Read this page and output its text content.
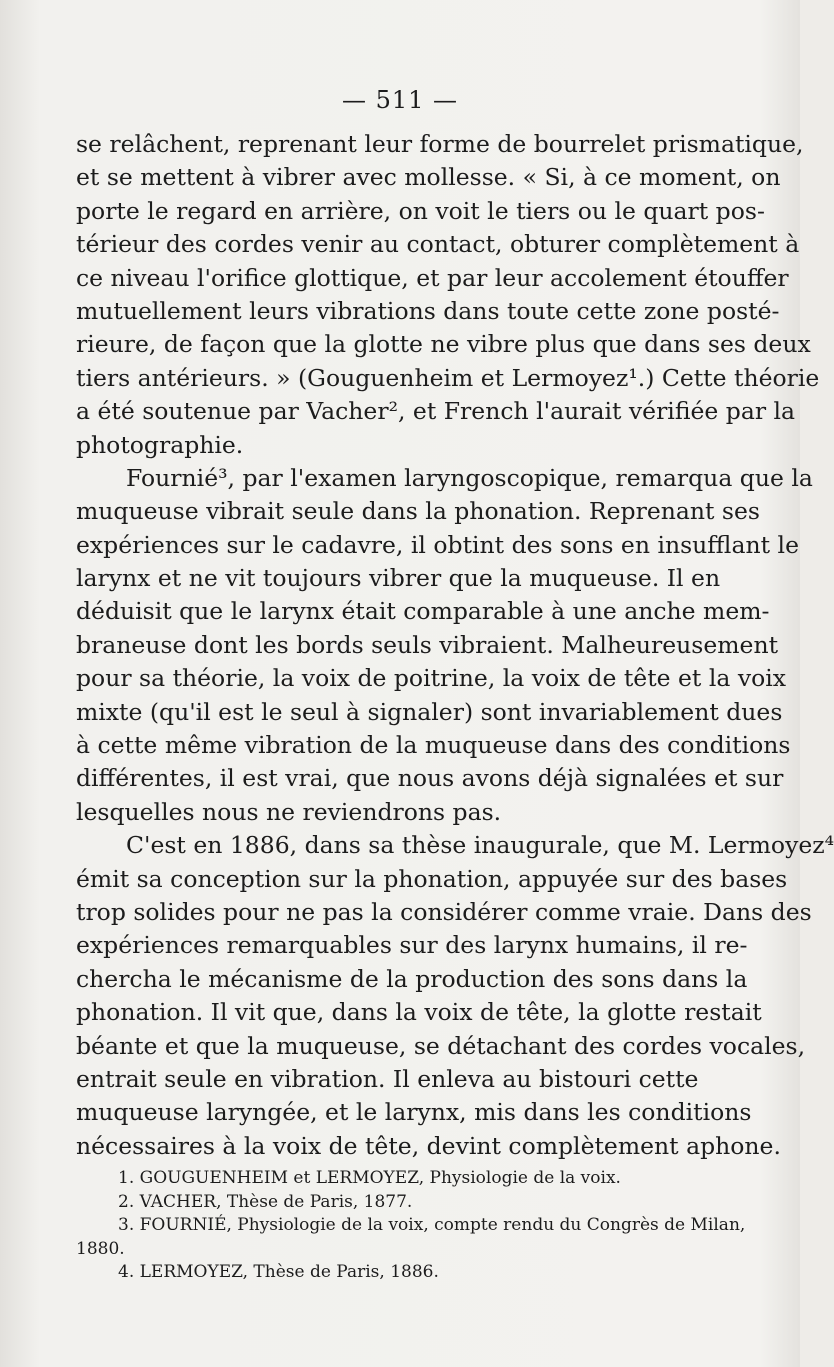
— 511 —
se relâchent, reprenant leur forme de bourrelet prismatique,
et se mettent à vibrer avec mollesse. « Si, à ce moment, on
porte le regard en arrière, on voit le tiers ou le quart pos-
térieur des cordes venir au contact, obturer complètement à
ce niveau l'orifice glottique, et par leur accolement étouffer
mutuellement leurs vibrations dans toute cette zone posté-
rieure, de façon que la glotte ne vibre plus que dans ses deux
tiers antérieurs. » (Gouguenheim et Lermoyez¹.) Cette théorie
a été soutenue par Vacher², et French l'aurait vérifiée par la
photographie.
Fournié³, par l'examen laryngoscopique, remarqua que la
muqueuse vibrait seule dans la phonation. Reprenant ses
expériences sur le cadavre, il obtint des sons en insufflant le
larynx et ne vit toujours vibrer que la muqueuse. Il en
déduisit que le larynx était comparable à une anche mem-
braneuse dont les bords seuls vibraient. Malheureusement
pour sa théorie, la voix de poitrine, la voix de tête et la voix
mixte (qu'il est le seul à signaler) sont invariablement dues
à cette même vibration de la muqueuse dans des conditions
différentes, il est vrai, que nous avons déjà signalées et sur
lesquelles nous ne reviendrons pas.
C'est en 1886, dans sa thèse inaugurale, que M. Lermoyez⁴
émit sa conception sur la phonation, appuyée sur des bases
trop solides pour ne pas la considérer comme vraie. Dans des
expériences remarquables sur des larynx humains, il re-
chercha le mécanisme de la production des sons dans la
phonation. Il vit que, dans la voix de tête, la glotte restait
béante et que la muqueuse, se détachant des cordes vocales,
entrait seule en vibration. Il enleva au bistouri cette
muqueuse laryngée, et le larynx, mis dans les conditions
nécessaires à la voix de tête, devint complètement aphone.
1. GOUGUENHEIM et LERMOYEZ, Physiologie de la voix.
2. VACHER, Thèse de Paris, 1877.
3. FOURNIÉ, Physiologie de la voix, compte rendu du Congrès de Milan,
1880.
4. LERMOYEZ, Thèse de Paris, 1886.
